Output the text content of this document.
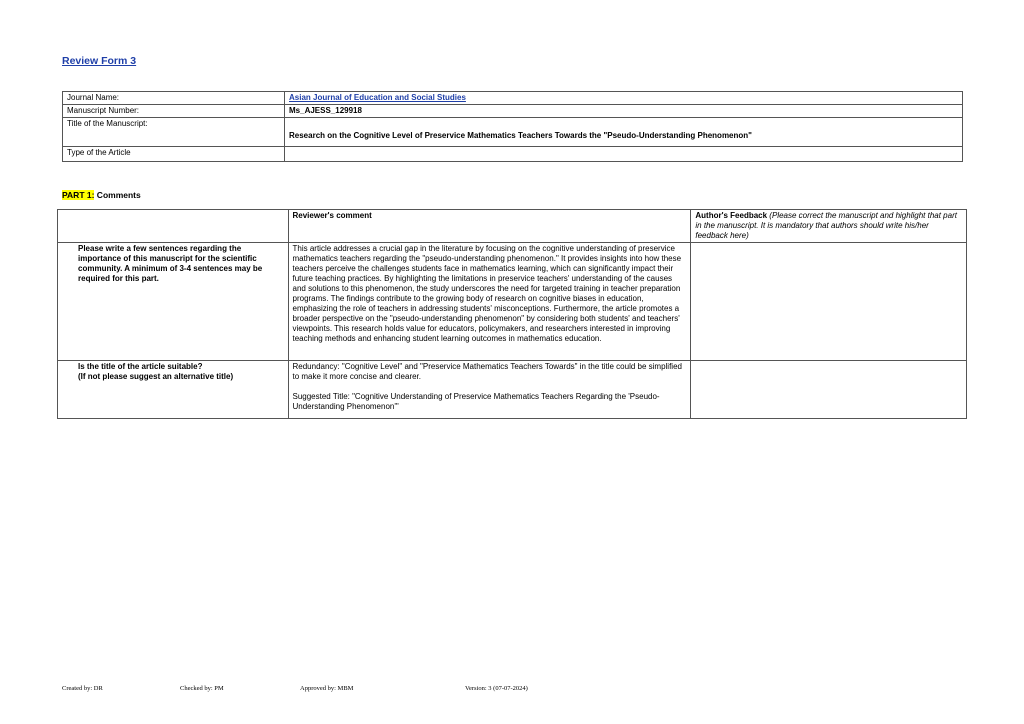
Review Form 3
Journal Name:	Asian Journal of Education and Social Studies
Manuscript Number:	Ms_AJESS_129918
Title of the Manuscript:	Research on the Cognitive Level of Preservice Mathematics Teachers Towards the "Pseudo-Understanding Phenomenon"
Type of the Article	
PART 1: Comments
	Reviewer's comment	Author's Feedback (Please correct the manuscript and highlight that part in the manuscript. It is mandatory that authors should write his/her feedback here)
Please write a few sentences regarding the importance of this manuscript for the scientific community. A minimum of 3-4 sentences may be required for this part.	This article addresses a crucial gap in the literature by focusing on the cognitive understanding of preservice mathematics teachers regarding the "pseudo-understanding phenomenon." It provides insights into how these teachers perceive the challenges students face in mathematics learning, which can significantly impact their future teaching practices. By highlighting the limitations in preservice teachers' understanding of the causes and solutions to this phenomenon, the study underscores the need for targeted training in teacher preparation programs. The findings contribute to the growing body of research on cognitive biases in education, emphasizing the role of teachers in addressing students' misconceptions. Furthermore, the article promotes a broader perspective on the "pseudo-understanding phenomenon" by considering both students' and teachers' viewpoints. This research holds value for educators, policymakers, and researchers interested in improving teaching methods and enhancing student learning outcomes in mathematics education.	
Is the title of the article suitable?
(If not please suggest an alternative title)	Redundancy: "Cognitive Level" and "Preservice Mathematics Teachers Towards" in the title could be simplified to make it more concise and clearer.

Suggested Title: "Cognitive Understanding of Preservice Mathematics Teachers Regarding the 'Pseudo-Understanding Phenomenon'"	
Created by: DR	Checked by: PM	Approved by: MBM	Version: 3 (07-07-2024)
